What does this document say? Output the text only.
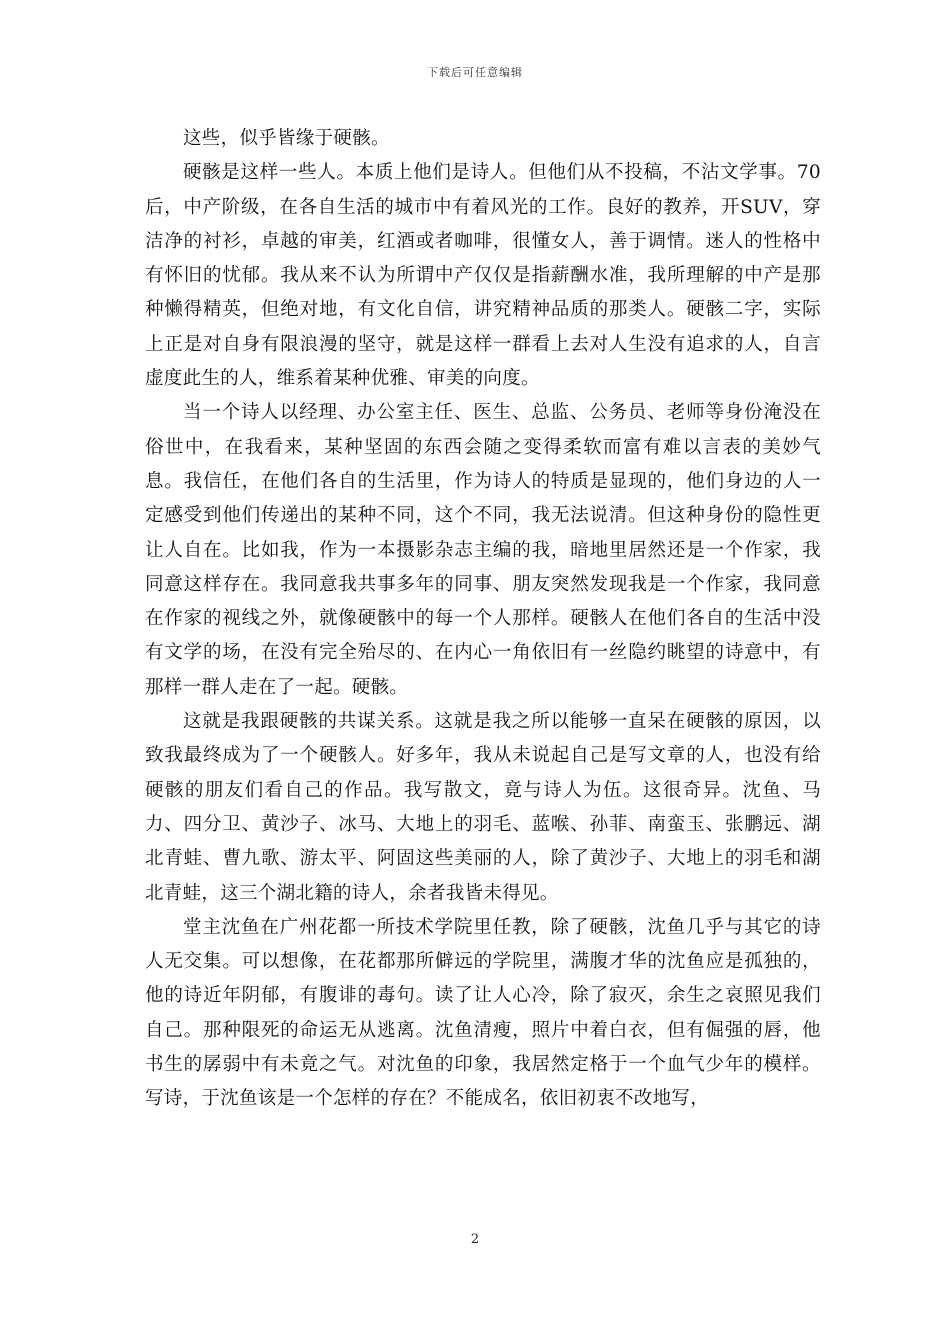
下载后可任意编辑

这些，似乎皆缘于硬骸。

硬骸是这样一些人。本质上他们是诗人。但他们从不投稿，不沾文学事。70后，中产阶级，在各自生活的城市中有着风光的工作。良好的教养，开SUV，穿洁净的衬衫，卓越的审美，红酒或者咖啡，很懂女人，善于调情。迷人的性格中有怀旧的忧郁。我从来不认为所谓中产仅仅是指薪酬水准，我所理解的中产是那种懒得精英，但绝对地，有文化自信，讲究精神品质的那类人。硬骸二字，实际上正是对自身有限浪漫的坚守，就是这样一群看上去对人生没有追求的人，自言虚度此生的人，维系着某种优雅、审美的向度。

当一个诗人以经理、办公室主任、医生、总监、公务员、老师等身份淹没在俗世中，在我看来，某种坚固的东西会随之变得柔软而富有难以言表的美妙气息。我信任，在他们各自的生活里，作为诗人的特质是显现的，他们身边的人一定感受到他们传递出的某种不同，这个不同，我无法说清。但这种身份的隐性更让人自在。比如我，作为一本摄影杂志主编的我，暗地里居然还是一个作家，我同意这样存在。我同意我共事多年的同事、朋友突然发现我是一个作家，我同意在作家的视线之外，就像硬骸中的每一个人那样。硬骸人在他们各自的生活中没有文学的场，在没有完全殆尽的、在内心一角依旧有一丝隐约眺望的诗意中，有那样一群人走在了一起。硬骸。

这就是我跟硬骸的共谋关系。这就是我之所以能够一直呆在硬骸的原因，以致我最终成为了一个硬骸人。好多年，我从未说起自己是写文章的人，也没有给硬骸的朋友们看自己的作品。我写散文，竟与诗人为伍。这很奇异。沈鱼、马力、四分卫、黄沙子、冰马、大地上的羽毛、蓝喉、孙菲、南蛮玉、张鹏远、湖北青蛙、曹九歌、游太平、阿固这些美丽的人，除了黄沙子、大地上的羽毛和湖北青蛙，这三个湖北籍的诗人，余者我皆未得见。

堂主沈鱼在广州花都一所技术学院里任教，除了硬骸，沈鱼几乎与其它的诗人无交集。可以想像，在花都那所僻远的学院里，满腹才华的沈鱼应是孤独的，他的诗近年阴郁，有腹诽的毒句。读了让人心冷，除了寂灭，余生之哀照见我们自己。那种限死的命运无从逃离。沈鱼清瘦，照片中着白衣，但有倔强的唇，他书生的孱弱中有未竟之气。对沈鱼的印象，我居然定格于一个血气少年的模样。写诗，于沈鱼该是一个怎样的存在？不能成名，依旧初衷不改地写，

2
